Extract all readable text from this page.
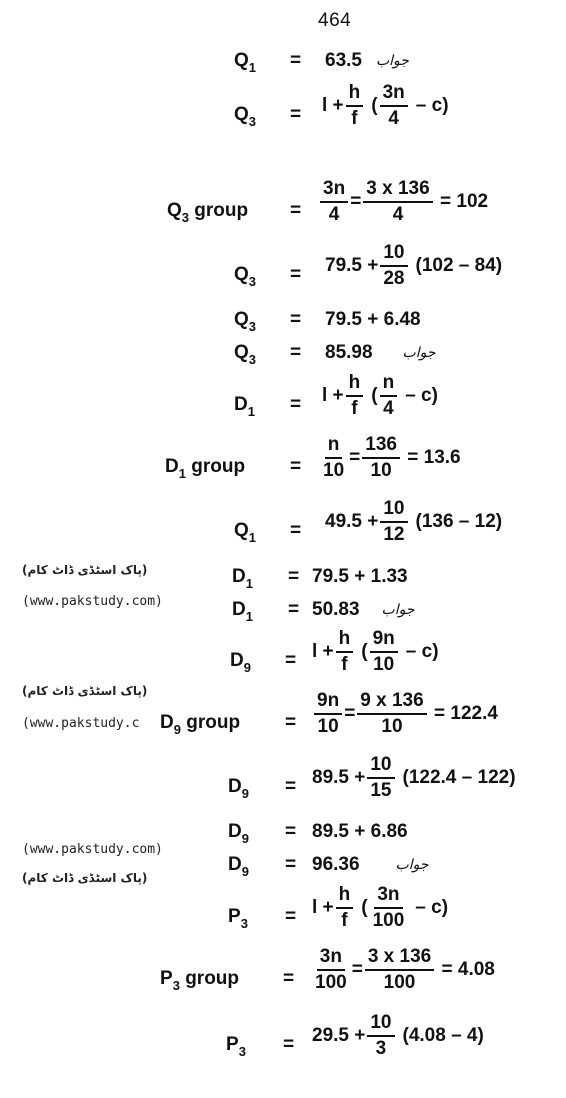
464
$Q_1 = 63.5$ جواب
$Q_3 = l + \frac{h}{f}$ ( $\frac{3n}{4} - c$)
$Q_3$ group = $\frac{3n}{4} = \frac{3 x 136}{4}$
=
102
$Q_3 = 79.5 + \frac{10}{28} (102 - 84)$
$Q_3 = 79.5 + 6.48$
$Q_3 = 85.98$ جواب
$D_1 = l + \frac{h}{f}$ ( $\frac{n}{4} - c$)
$D_1$ group = $\frac{n}{10} = \frac{136}{10}$
=
13.6
$Q_1 = 49.5 + \frac{10}{12} (136 - 12)$
(پاک اسٹڈی ڈاٹ کام)
(www.pakstudy.com)
$D_1 = 79.5 + 1.33$
$D_1 = 50.83$ جواب
$D_9 = l + \frac{h}{f}$ ( $\frac{9n}{10} - c$)
(پاک اسٹڈی ڈاٹ کام)
(www.pakstudy.c $D_9$ group = $\frac{9n}{10} = \frac{9 x 136}{10}$
=
122.4
$D_9 = 89.5 + \frac{10}{15} (122.4 - 122)$
$D_9 = 89.5 + 6.86$
(www.pakstudy.com)
(پاک اسٹڈی ڈاٹ کام)
$D_9 = 96.36$	جواب
$P_3 = l + \frac{h}{f}$ ( $\frac{3n}{100} - c$)
$P_3$ group = $\frac{3n}{100} = \frac{3 x 136}{100}$
=
4.08
$P_3 = 29.5 + \frac{10}{3} (4.08 - 4)$
